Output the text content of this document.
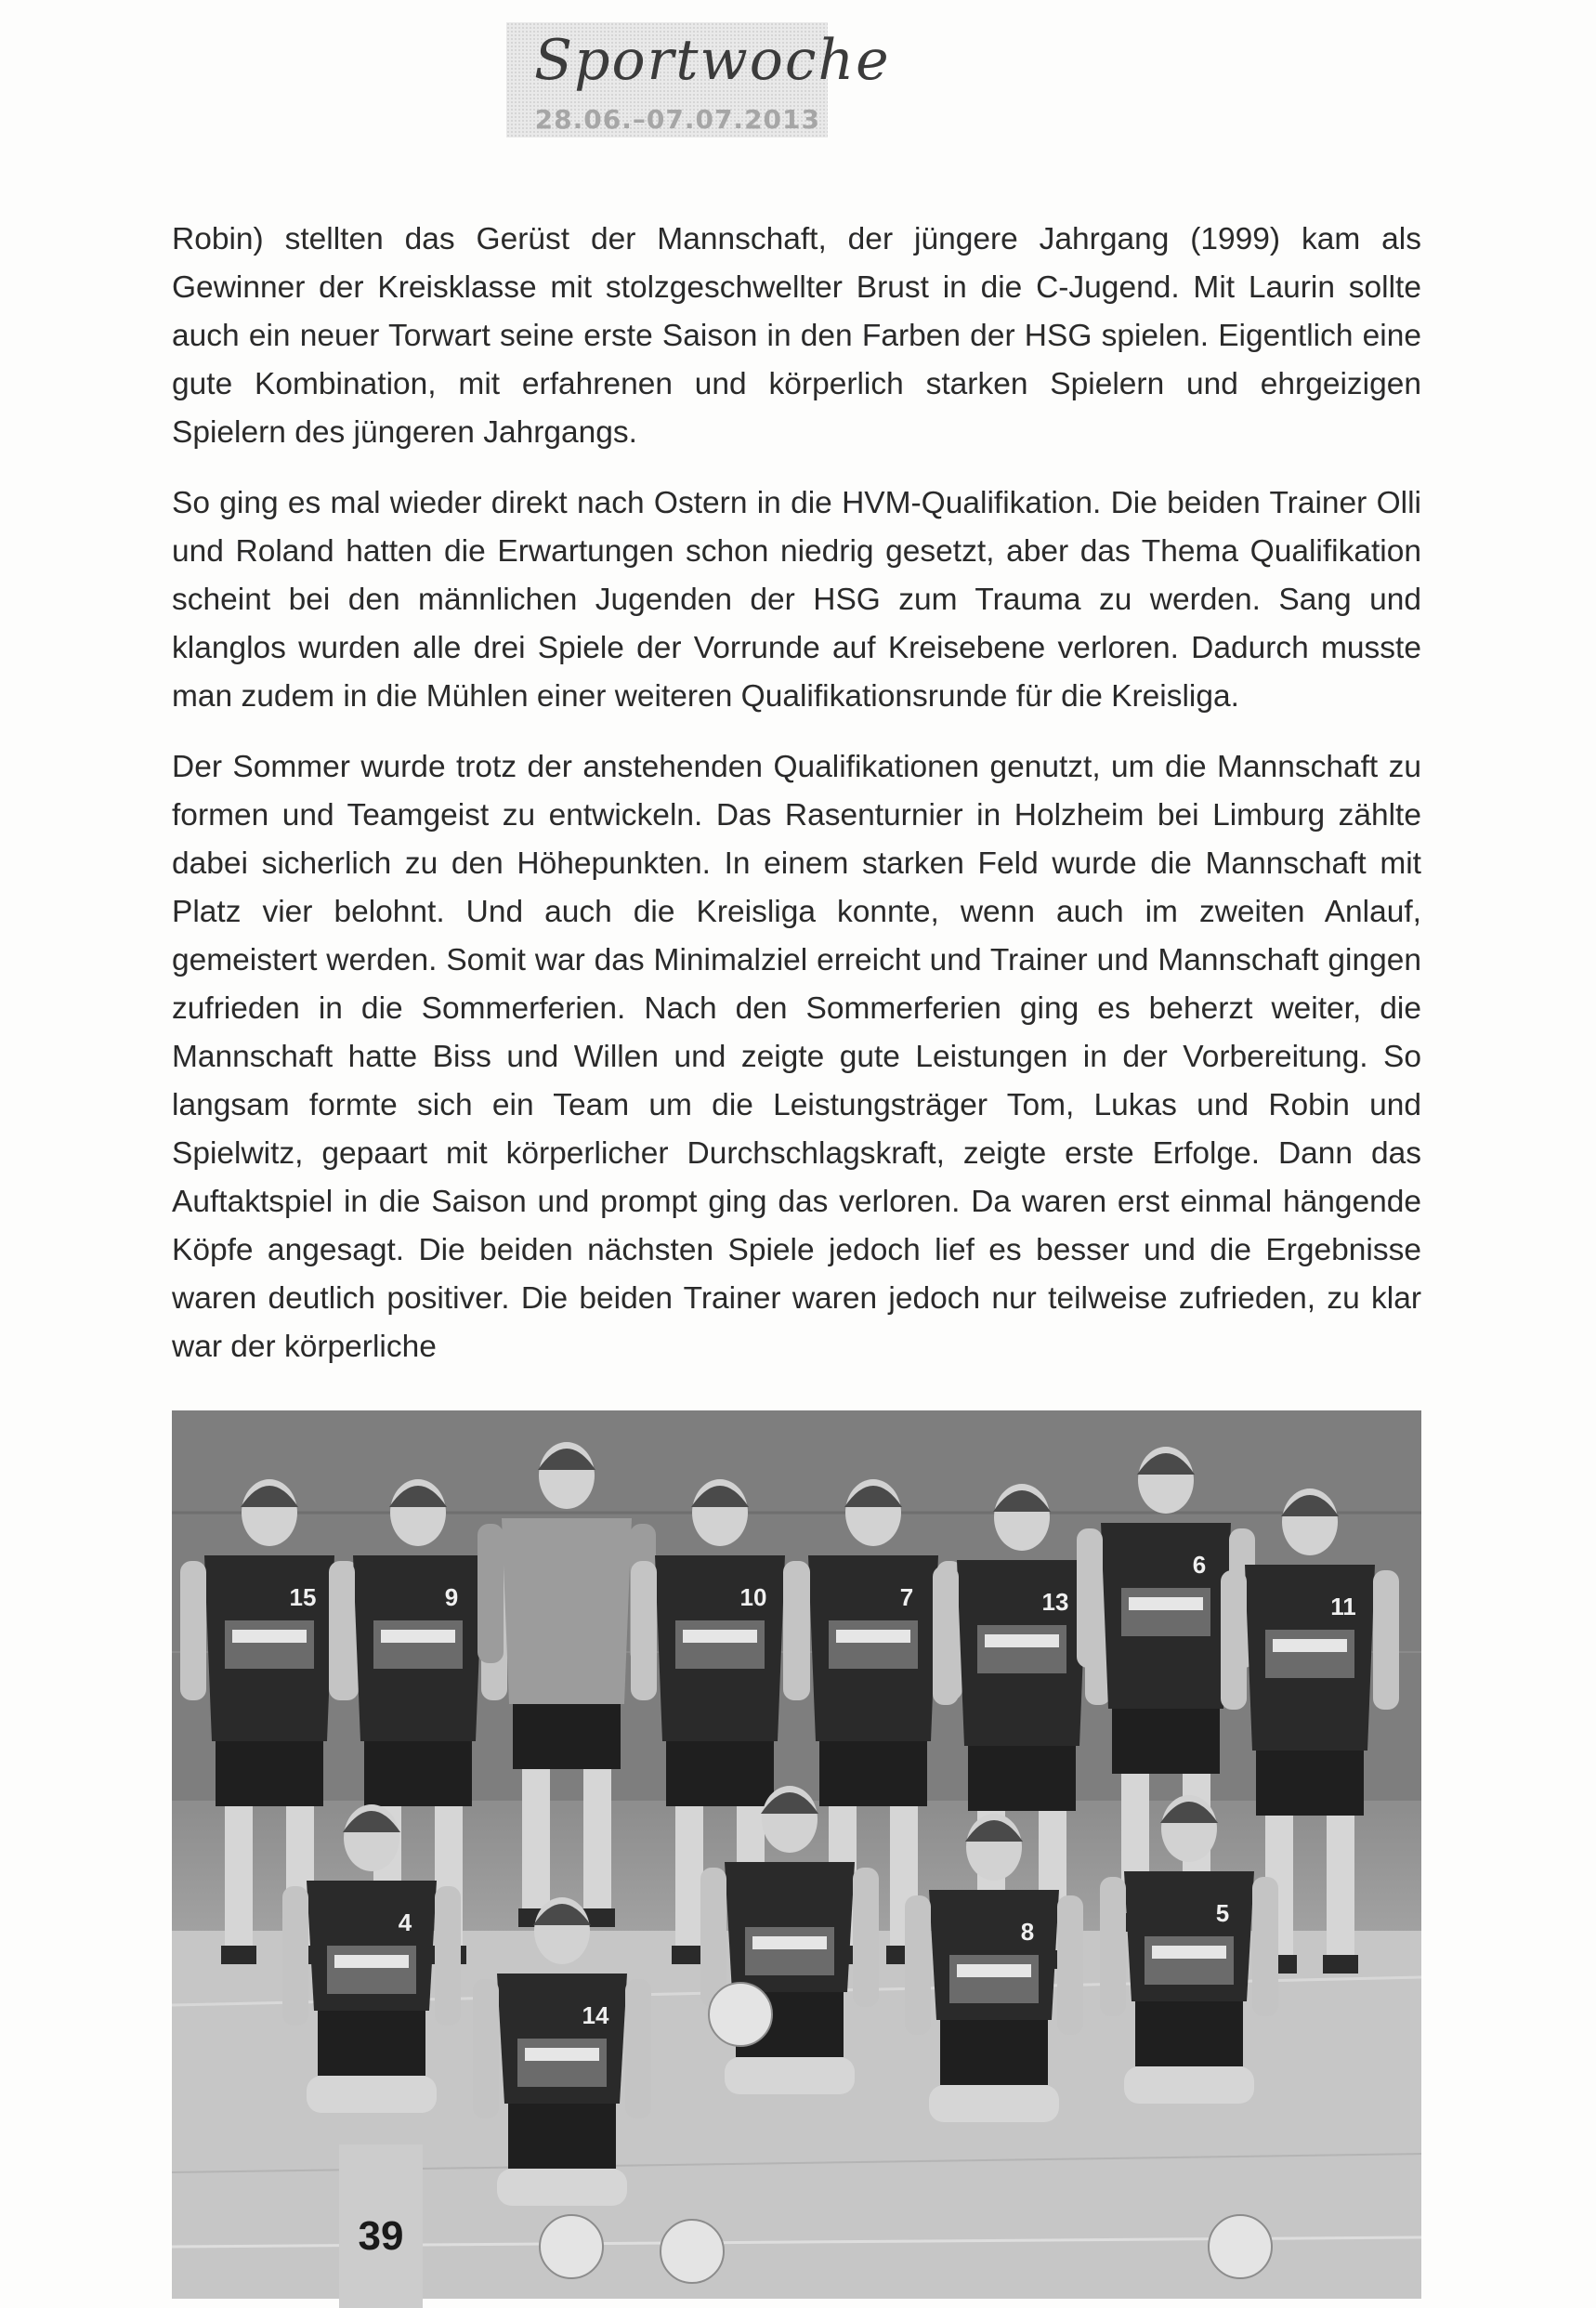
Sportwoche
28.06.–07.07.2013

Robin) stellten das Gerüst der Mannschaft, der jüngere Jahrgang (1999) kam als Gewinner der Kreisklasse mit stolzgeschwellter Brust in die C-Jugend. Mit Laurin sollte auch ein neuer Torwart seine erste Saison in den Farben der HSG spielen. Eigentlich eine gute Kombination, mit erfahrenen und körperlich starken Spielern und ehrgeizigen Spielern des jüngeren Jahrgangs.

So ging es mal wieder direkt nach Ostern in die HVM-Qualifikation. Die beiden Trainer Olli und Roland hatten die Erwartungen schon niedrig gesetzt, aber das Thema Qualifikation scheint bei den männlichen Jugenden der HSG zum Trauma zu werden. Sang und klanglos wurden alle drei Spiele der Vorrunde auf Kreisebene verloren. Dadurch musste man zudem in die Mühlen einer weiteren Qualifikationsrunde für die Kreisliga.

Der Sommer wurde trotz der anstehenden Qualifikationen genutzt, um die Mannschaft zu formen und Teamgeist zu entwickeln. Das Rasenturnier in Holzheim bei Limburg zählte dabei sicherlich zu den Höhepunkten. In einem starken Feld wurde die Mannschaft mit Platz vier belohnt. Und auch die Kreisliga konnte, wenn auch im zweiten Anlauf, gemeistert werden. Somit war das Minimalziel erreicht und Trainer und Mannschaft gingen zufrieden in die Sommerferien. Nach den Sommerferien ging es beherzt weiter, die Mannschaft hatte Biss und Willen und zeigte gute Leistungen in der Vorbereitung. So langsam formte sich ein Team um die Leistungsträger Tom, Lukas und Robin und Spielwitz, gepaart mit körperlicher Durchschlagskraft, zeigte erste Erfolge. Dann das Auftaktspiel in die Saison und prompt ging das verloren. Da waren erst einmal hängende Köpfe angesagt. Die beiden nächsten Spiele jedoch lief es besser und die Ergebnisse waren deutlich positiver. Die beiden Trainer waren jedoch nur teilweise zufrieden, zu klar war der körperliche

15	9	10	7	13
6
11
4
14
8
5
39
